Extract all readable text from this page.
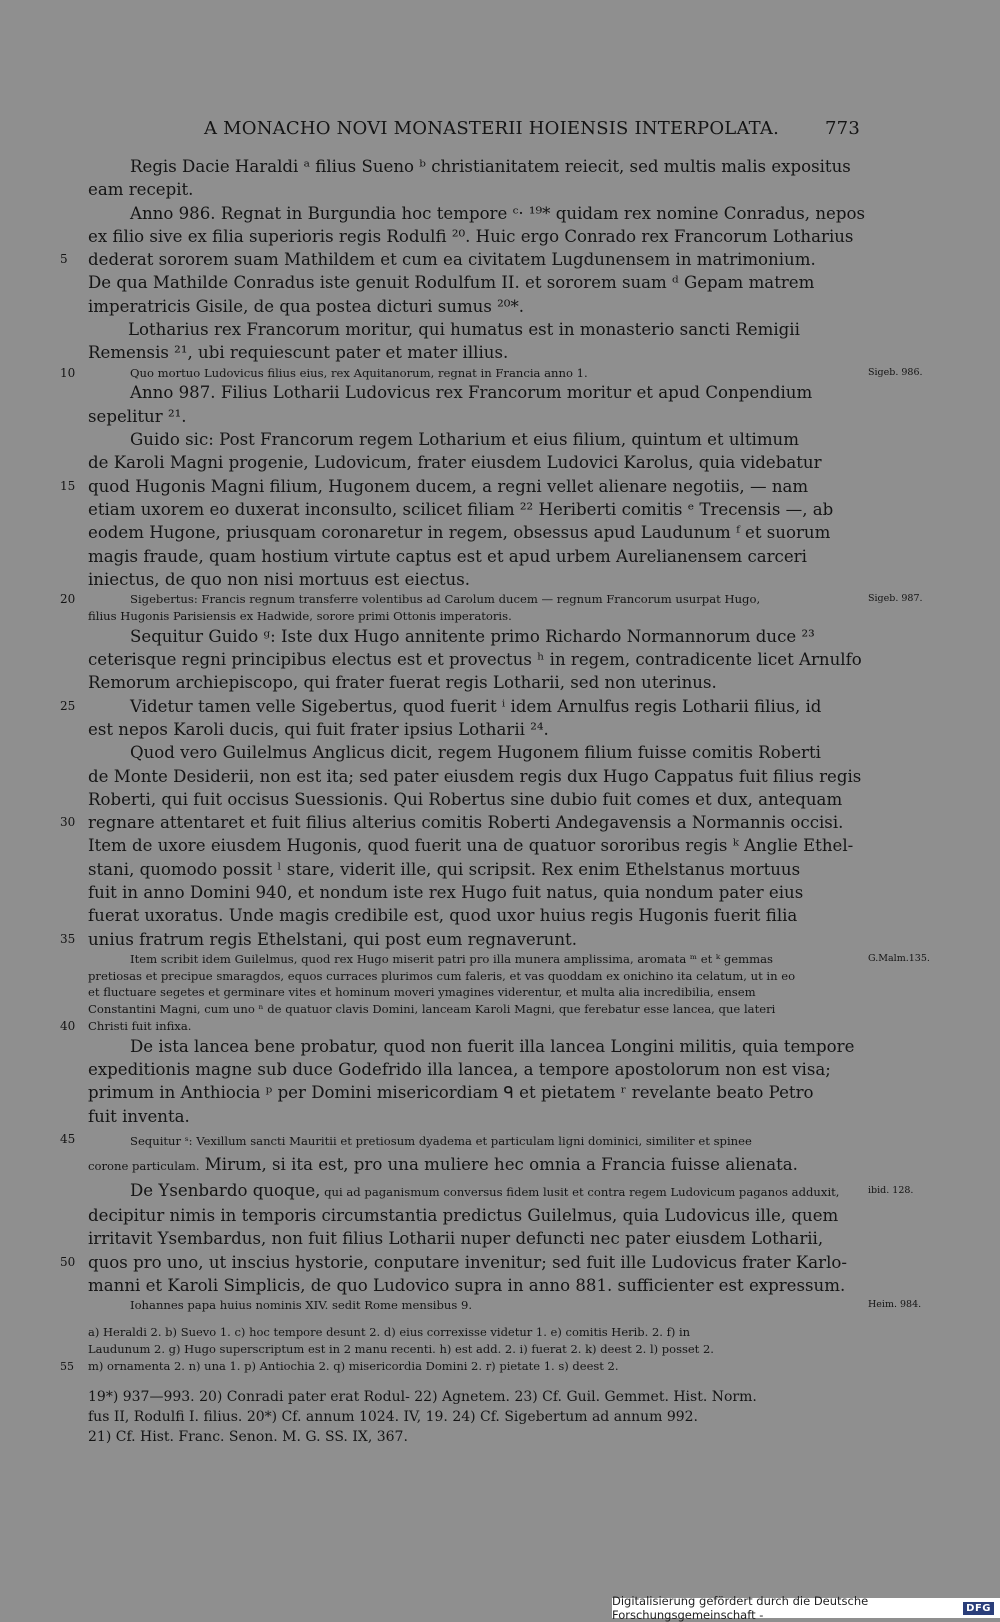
A MONACHO NOVI MONASTERII HOIENSIS INTERPOLATA.	773
Regis Dacie Haraldi ᵃ filius Sueno ᵇ christianitatem reiecit, sed multis malis expositus
eam recepit.
Anno 986. Regnat in Burgundia hoc tempore ᶜ· ¹⁹* quidam rex nomine Conradus, nepos
ex filio sive ex filia superioris regis Rodulfi ²⁰. Huic ergo Conrado rex Francorum Lotharius
dederat sororem suam Mathildem et cum ea civitatem Lugdunensem in matrimonium.
5
De qua Mathilde Conradus iste genuit Rodulfum II. et sororem suam ᵈ Gepam matrem
imperatricis Gisile, de qua postea dicturi sumus ²⁰*.
Lotharius rex Francorum moritur, qui humatus est in monasterio sancti Remigii
Remensis ²¹, ubi requiescunt pater et mater illius.
Quo mortuo Ludovicus filius eius, rex Aquitanorum, regnat in Francia anno 1.
10	Sigeb. 986.
Anno 987. Filius Lotharii Ludovicus rex Francorum moritur et apud Conpendium
sepelitur ²¹.
Guido sic: Post Francorum regem Lotharium et eius filium, quintum et ultimum
de Karoli Magni progenie, Ludovicum, frater eiusdem Ludovici Karolus, quia videbatur
quod Hugonis Magni filium, Hugonem ducem, a regni vellet alienare negotiis, — nam
15
etiam uxorem eo duxerat inconsulto, scilicet filiam ²² Heriberti comitis ᵉ Trecensis —, ab
eodem Hugone, priusquam coronaretur in regem, obsessus apud Laudunum ᶠ et suorum
magis fraude, quam hostium virtute captus est et apud urbem Aurelianensem carceri
iniectus, de quo non nisi mortuus est eiectus.
Sigebertus: Francis regnum transferre volentibus ad Carolum ducem — regnum Francorum usurpat Hugo,
20	Sigeb. 987.
filius Hugonis Parisiensis ex Hadwide, sorore primi Ottonis imperatoris.
Sequitur Guido ᵍ: Iste dux Hugo annitente primo Richardo Normannorum duce ²³
ceterisque regni principibus electus est et provectus ʰ in regem, contradicente licet Arnulfo
Remorum archiepiscopo, qui frater fuerat regis Lotharii, sed non uterinus.
Videtur tamen velle Sigebertus, quod fuerit ⁱ idem Arnulfus regis Lotharii filius, id
25
est nepos Karoli ducis, qui fuit frater ipsius Lotharii ²⁴.
Quod vero Guilelmus Anglicus dicit, regem Hugonem filium fuisse comitis Roberti
de Monte Desiderii, non est ita; sed pater eiusdem regis dux Hugo Cappatus fuit filius regis
Roberti, qui fuit occisus Suessionis. Qui Robertus sine dubio fuit comes et dux, antequam
regnare attentaret et fuit filius alterius comitis Roberti Andegavensis a Normannis occisi.
30
Item de uxore eiusdem Hugonis, quod fuerit una de quatuor sororibus regis ᵏ Anglie Ethel-
stani, quomodo possit ˡ stare, viderit ille, qui scripsit. Rex enim Ethelstanus mortuus
fuit in anno Domini 940, et nondum iste rex Hugo fuit natus, quia nondum pater eius
fuerat uxoratus. Unde magis credibile est, quod uxor huius regis Hugonis fuerit filia
unius fratrum regis Ethelstani, qui post eum regnaverunt.
35
Item scribit idem Guilelmus, quod rex Hugo miserit patri pro illa munera amplissima, aromata ᵐ et ᵏ gemmas	G.Malm.135.
pretiosas et precipue smaragdos, equos curraces plurimos cum faleris, et vas quoddam ex onichino ita celatum, ut in eo
et fluctuare segetes et germinare vites et hominum moveri ymagines viderentur, et multa alia incredibilia, ensem
Constantini Magni, cum uno ⁿ de quatuor clavis Domini, lanceam Karoli Magni, que ferebatur esse lancea, que lateri
Christi fuit infixa.
40
De ista lancea bene probatur, quod non fuerit illa lancea Longini militis, quia tempore
expeditionis magne sub duce Godefrido illa lancea, a tempore apostolorum non est visa;
primum in Anthiocia ᵖ per Domini misericordiam ᑫ et pietatem ʳ revelante beato Petro
fuit inventa.
Sequitur ˢ: Vexillum sancti Mauritii et pretiosum dyadema et particulam ligni dominici, similiter et spinee
45
corone particulam. Mirum, si ita est, pro una muliere hec omnia a Francia fuisse alienata.
De Ysenbardo quoque, qui ad paganismum conversus fidem lusit et contra regem Ludovicum paganos adduxit,	ibid. 128.
decipitur nimis in temporis circumstantia predictus Guilelmus, quia Ludovicus ille, quem
irritavit Ysembardus, non fuit filius Lotharii nuper defuncti nec pater eiusdem Lotharii,
quos pro uno, ut inscius hystorie, conputare invenitur; sed fuit ille Ludovicus frater Karlo-
50
manni et Karoli Simplicis, de quo Ludovico supra in anno 881. sufficienter est expressum.
Iohannes papa huius nominis XIV. sedit Rome mensibus 9.	Heim. 984.
a) Heraldi 2. b) Suevo 1. c) hoc tempore desunt 2. d) eius correxisse videtur 1. e) comitis Herib. 2. f) in
Laudunum 2. g) Hugo superscriptum est in 2 manu recenti. h) est add. 2. i) fuerat 2. k) deest 2. l) posset 2.
m) ornamenta 2. n) una 1. p) Antiochia 2. q) misericordia Domini 2. r) pietate 1. s) deest 2.
55
19*) 937—993. 20) Conradi pater erat Rodul- 22) Agnetem. 23) Cf. Guil. Gemmet. Hist. Norm.
fus II, Rodulfi I. filius. 20*) Cf. annum 1024. IV, 19. 24) Cf. Sigebertum ad annum 992.
21) Cf. Hist. Franc. Senon. M. G. SS. IX, 367.
Digitalisierung gefördert durch die Deutsche Forschungsgemeinschaft -	DFG
